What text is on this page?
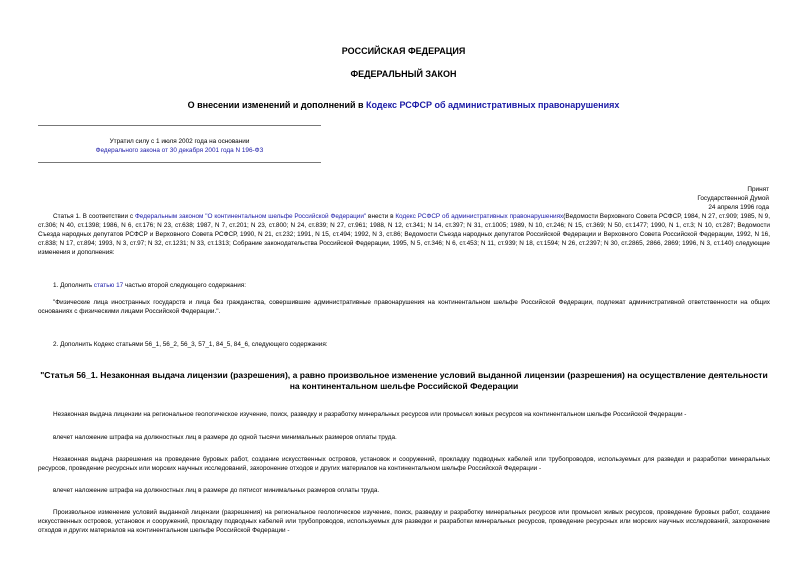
РОССИЙСКАЯ ФЕДЕРАЦИЯ
ФЕДЕРАЛЬНЫЙ ЗАКОН
О внесении изменений и дополнений в Кодекс РСФСР об административных правонарушениях
Утратил силу с 1 июля 2002 года на основании
Федерального закона от 30 декабря 2001 года N 196-ФЗ
Принят
Государственной Думой
24 апреля 1996 года

Статья 1. В соответствии с Федеральным законом "О континентальном шельфе Российской Федерации" внести в Кодекс РСФСР об административных правонарушениях(Ведомости Верховного Совета РСФСР, 1984, N 27, ст.909; 1985, N 9, ст.306; N 40, ст.1398; 1986, N 6, ст.176; N 23, ст.638; 1987, N 7, ст.201; N 23, ст.800; N 24, ст.839; N 27, ст.961; 1988, N 12, ст.341; N 14, ст.397; N 31, ст.1005; 1989, N 10, ст.246; N 15, ст.369; N 50, ст.1477; 1990, N 1, ст.3; N 10, ст.287; Ведомости Съезда народных депутатов РСФСР и Верховного Совета РСФСР, 1990, N 21, ст.232; 1991, N 15, ст.494; 1992, N 3, ст.86; Ведомости Съезда народных депутатов Российской Федерации и Верховного Совета Российской Федерации, 1992, N 16, ст.838; N 17, ст.894; 1993, N 3, ст.97; N 32, ст.1231; N 33, ст.1313; Собрание законодательства Российской Федерации, 1995, N 5, ст.346; N 6, ст.453; N 11, ст.939; N 18, ст.1594; N 26, ст.2397; N 30, ст.2865, 2866, 2869; 1996, N 3, ст.140) следующие изменения и дополнения:

1. Дополнить статью 17 частью второй следующего содержания:

"Физические лица иностранных государств и лица без гражданства, совершившие административные правонарушения на континентальном шельфе Российской Федерации, подлежат административной ответственности на общих основаниях с физическими лицами Российской Федерации.".

2. Дополнить Кодекс статьями 56_1, 56_2, 56_3, 57_1, 84_5, 84_6, следующего содержания:

"Статья 56_1. Незаконная выдача лицензии (разрешения), а равно произвольное изменение условий выданной лицензии (разрешения) на осуществление деятельности на континентальном шельфе Российской Федерации

Незаконная выдача лицензии на региональное геологическое изучение, поиск, разведку и разработку минеральных ресурсов или промысел живых ресурсов на континентальном шельфе Российской Федерации -

влечет наложение штрафа на должностных лиц в размере до одной тысячи минимальных размеров оплаты труда.

Незаконная выдача разрешения на проведение буровых работ, создание искусственных островов, установок и сооружений, прокладку подводных кабелей или трубопроводов, используемых для разведки и разработки минеральных ресурсов, проведение ресурсных или морских научных исследований, захоронение отходов и других материалов на континентальном шельфе Российской Федерации -

влечет наложение штрафа на должностных лиц в размере до пятисот минимальных размеров оплаты труда.

Произвольное изменение условий выданной лицензии (разрешения) на региональное геологическое изучение, поиск, разведку и разработку минеральных ресурсов или промысел живых ресурсов, проведение буровых работ, создание искусственных островов, установок и сооружений, прокладку подводных кабелей или трубопроводов, используемых для разведки и разработки минеральных ресурсов, проведение ресурсных или морских научных исследований, захоронение отходов и других материалов на континентальном шельфе Российской Федерации -
